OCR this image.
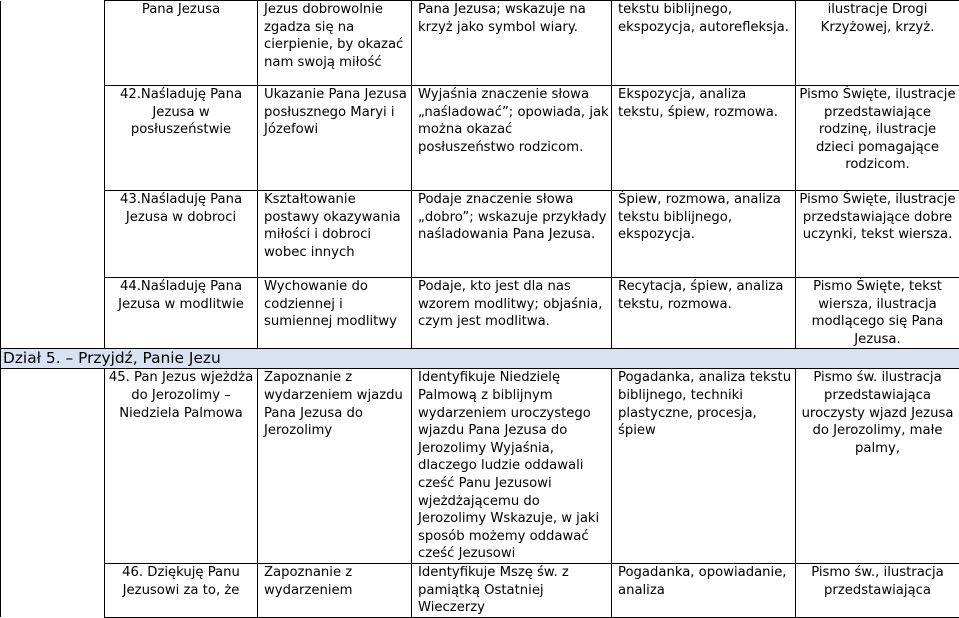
	Pana Jezusa	Jezus dobrowolnie zgadza się na cierpienie, by okazać nam swoją miłość	Pana Jezusa; wskazuje na krzyż jako symbol wiary.	tekstu biblijnego, ekspozycja, autorefleksja.	ilustracje Drogi Krzyżowej, krzyż.
	42.Naśladuję Pana Jezusa w posłuszeństwie	Ukazanie Pana Jezusa posłusznego Maryi i Józefowi	Wyjaśnia znaczenie słowa „naśladować”; opowiada, jak można okazać posłuszeństwo rodzicom.	Ekspozycja, analiza tekstu, śpiew, rozmowa.	Pismo Święte, ilustracje przedstawiające rodzinę, ilustracje dzieci pomagające rodzicom.
	43.Naśladuję Pana Jezusa w dobroci	Kształtowanie postawy okazywania miłości i dobroci wobec innych	Podaje znaczenie słowa „dobro”; wskazuje przykłady naśladowania Pana Jezusa.	Śpiew, rozmowa, analiza tekstu biblijnego, ekspozycja.	Pismo Święte, ilustracje przedstawiające dobre uczynki, tekst wiersza.
	44.Naśladuję Pana Jezusa w modlitwie	Wychowanie do codziennej i sumiennej modlitwy	Podaje, kto jest dla nas wzorem modlitwy; objaśnia, czym jest modlitwa.	Recytacja, śpiew, analiza tekstu, rozmowa.	Pismo Święte, tekst wiersza, ilustracja modlącego się Pana Jezusa.
Dział 5. – Przyjdź, Panie Jezu					
	45. Pan Jezus wjeżdża do Jerozolimy – Niedziela Palmowa	Zapoznanie z wydarzeniem wjazdu Pana Jezusa do Jerozolimy	Identyfikuje Niedzielę Palmową z biblijnym wydarzeniem uroczystego wjazdu Pana Jezusa do Jerozolimy Wyjaśnia, dlaczego ludzie oddawali cześć Panu Jezusowi wjeżdżającemu do Jerozolimy Wskazuje, w jaki sposób możemy oddawać cześć Jezusowi	Pogadanka, analiza tekstu biblijnego, techniki plastyczne, procesja, śpiew	Pismo św. ilustracja przedstawiająca uroczysty wjazd Jezusa do Jerozolimy, małe palmy,
	46. Dziękuję Panu Jezusowi za to, że	Zapoznanie z wydarzeniem	Identyfikuje Mszę św. z pamiątką Ostatniej Wieczerzy	Pogadanka, opowiadanie, analiza	Pismo św., ilustracja przedstawiająca
